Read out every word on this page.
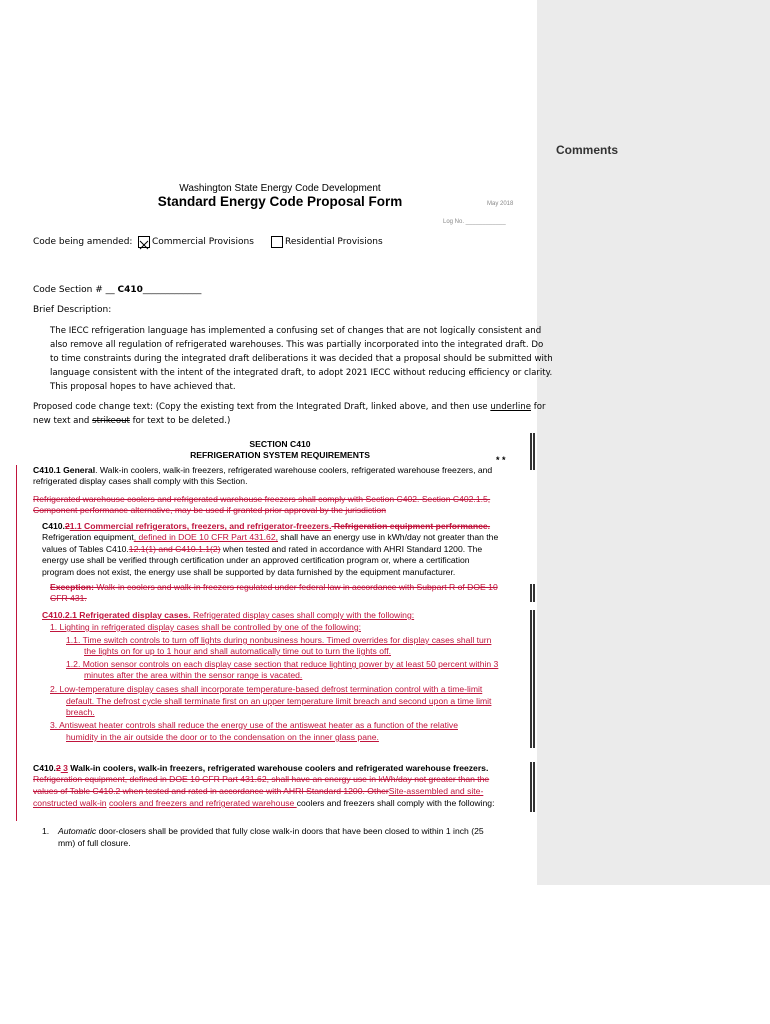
Comments
Washington State Energy Code Development
Standard Energy Code Proposal Form	May 2018
Log No. ____________
Code being amended: Commercial Provisions	Residential Provisions
Code Section # __ C410_____________
Brief Description:
The IECC refrigeration language has implemented a confusing set of changes that are not logically consistent and
also remove all regulation of refrigerated warehouses. This was partially incorporated into the integrated draft. Do
to time constraints during the integrated draft deliberations it was decided that a proposal should be submitted with
language consistent with the intent of the integrated draft, to adopt 2021 IECC without reducing efficiency or clarity.
This proposal hopes to have achieved that.
Proposed code change text: (Copy the existing text from the Integrated Draft, linked above, and then use underline for
new text and strikeout for text to be deleted.)
SECTION C410
REFRIGERATION SYSTEM REQUIREMENTS	* *
C410.1 General. Walk-in coolers, walk-in freezers, refrigerated warehouse coolers, refrigerated warehouse freezers, and
refrigerated display cases shall comply with this Section.
Refrigerated warehouse coolers and refrigerated warehouse freezers shall comply with Section C402. Section C402.1.5,
Component performance alternative, may be used if granted prior approval by the jurisdiction
C410.21.1 Commercial refrigerators, freezers, and refrigerator-freezers. Refrigeration equipment performance.
Refrigeration equipment, defined in DOE 10 CFR Part 431.62, shall have an energy use in kWh/day not greater than the
values of Tables C410.12.1(1) and C410.1.1(2) when tested and rated in accordance with AHRI Standard 1200. The
energy use shall be verified through certification under an approved certification program or, where a certification
program does not exist, the energy use shall be supported by data furnished by the equipment manufacturer.
Exception: Walk-in coolers and walk-in freezers regulated under federal law in accordance with Subpart R of DOE 10
CFR 431.
C410.2.1 Refrigerated display cases. Refrigerated display cases shall comply with the following:
1. Lighting in refrigerated display cases shall be controlled by one of the following:
1.1. Time switch controls to turn off lights during nonbusiness hours. Timed overrides for display cases shall turn
the lights on for up to 1 hour and shall automatically time out to turn the lights off.
1.2. Motion sensor controls on each display case section that reduce lighting power by at least 50 percent within 3
minutes after the area within the sensor range is vacated.
2. Low-temperature display cases shall incorporate temperature-based defrost termination control with a time-limit
default. The defrost cycle shall terminate first on an upper temperature limit breach and second upon a time limit
breach.
3. Antisweat heater controls shall reduce the energy use of the antisweat heater as a function of the relative
humidity in the air outside the door or to the condensation on the inner glass pane.
C410.2 3 Walk-in coolers, walk-in freezers, refrigerated warehouse coolers and refrigerated warehouse freezers.
Refrigeration equipment, defined in DOE 10 CFR Part 431.62, shall have an energy use in kWh/day not greater than the
values of Table C410.2 when tested and rated in accordance with AHRI Standard 1200. OtherSite-assembled and site-
constructed walk-in coolers and freezers and refrigerated warehouse coolers and freezers shall comply with the following:
1. Automatic door-closers shall be provided that fully close walk-in doors that have been closed to within 1 inch (25
mm) of full closure.
